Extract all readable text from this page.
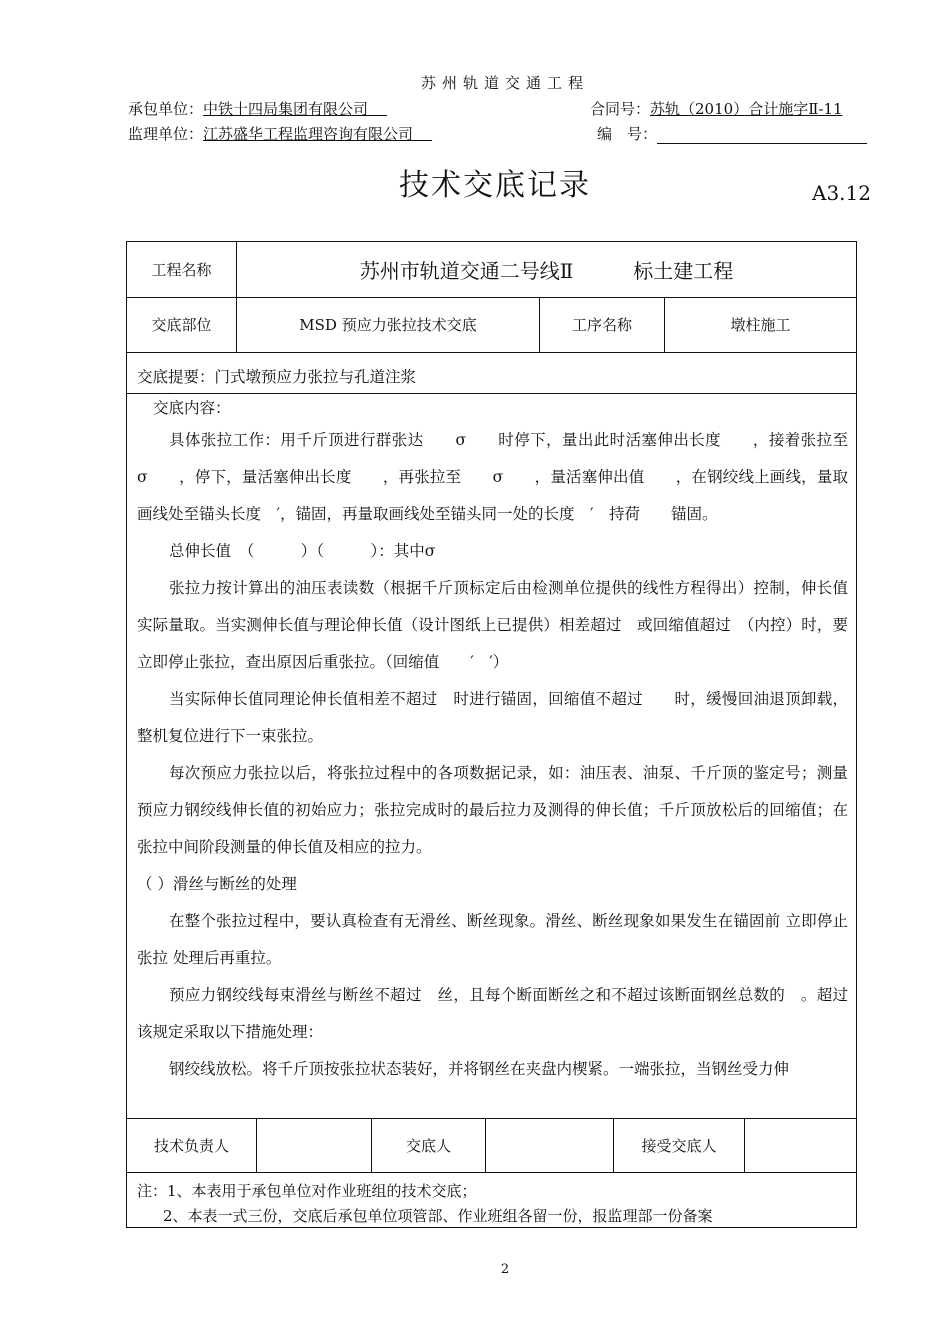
苏州轨道交通工程
承包单位：中铁十四局集团有限公司	合同号：苏轨（2010）合计施字Ⅱ-11
监理单位：江苏盛华工程监理咨询有限公司	编　号：
技术交底记录	A3.12
工程名称	苏州市轨道交通二号线Ⅱ　　　标土建工程
交底部位	MSD 预应力张拉技术交底	工序名称	墩柱施工
交底提要：门式墩预应力张拉与孔道注浆
交底内容：

具体张拉工作：用千斤顶进行群张达　　σ　　时停下，量出此时活塞伸出长度　　，接着张拉至　　σ　　，停下，量活塞伸出长度　　，再张拉至　　σ　　，量活塞伸出值　　，在钢绞线上画线，量取画线处至锚头长度　′，锚固，再量取画线处至锚头同一处的长度　′　持荷　　锚固。

总伸长值　（　　　）（　　　）：其中σ

张拉力按计算出的油压表读数（根据千斤顶标定后由检测单位提供的线性方程得出）控制，伸长值实际量取。当实测伸长值与理论伸长值（设计图纸上已提供）相差超过　或回缩值超过　（内控）时，要立即停止张拉，查出原因后重张拉。（回缩值　　′　′）

当实际伸长值同理论伸长值相差不超过　时进行锚固，回缩值不超过　　时，缓慢回油退顶卸载，整机复位进行下一束张拉。

每次预应力张拉以后，将张拉过程中的各项数据记录，如：油压表、油泵、千斤顶的鉴定号；测量预应力钢绞线伸长值的初始应力；张拉完成时的最后拉力及测得的伸长值；千斤顶放松后的回缩值；在张拉中间阶段测量的伸长值及相应的拉力。

（ ）滑丝与断丝的处理

在整个张拉过程中，要认真检查有无滑丝、断丝现象。滑丝、断丝现象如果发生在锚固前 立即停止张拉 处理后再重拉。

预应力钢绞线每束滑丝与断丝不超过　丝，且每个断面断丝之和不超过该断面钢丝总数的　。超过该规定采取以下措施处理：

钢绞线放松。将千斤顶按张拉状态装好，并将钢丝在夹盘内楔紧。一端张拉，当钢丝受力伸

技术负责人	交底人	接受交底人
注：1、本表用于承包单位对作业班组的技术交底；
2、本表一式三份，交底后承包单位项管部、作业班组各留一份，报监理部一份备案
2
